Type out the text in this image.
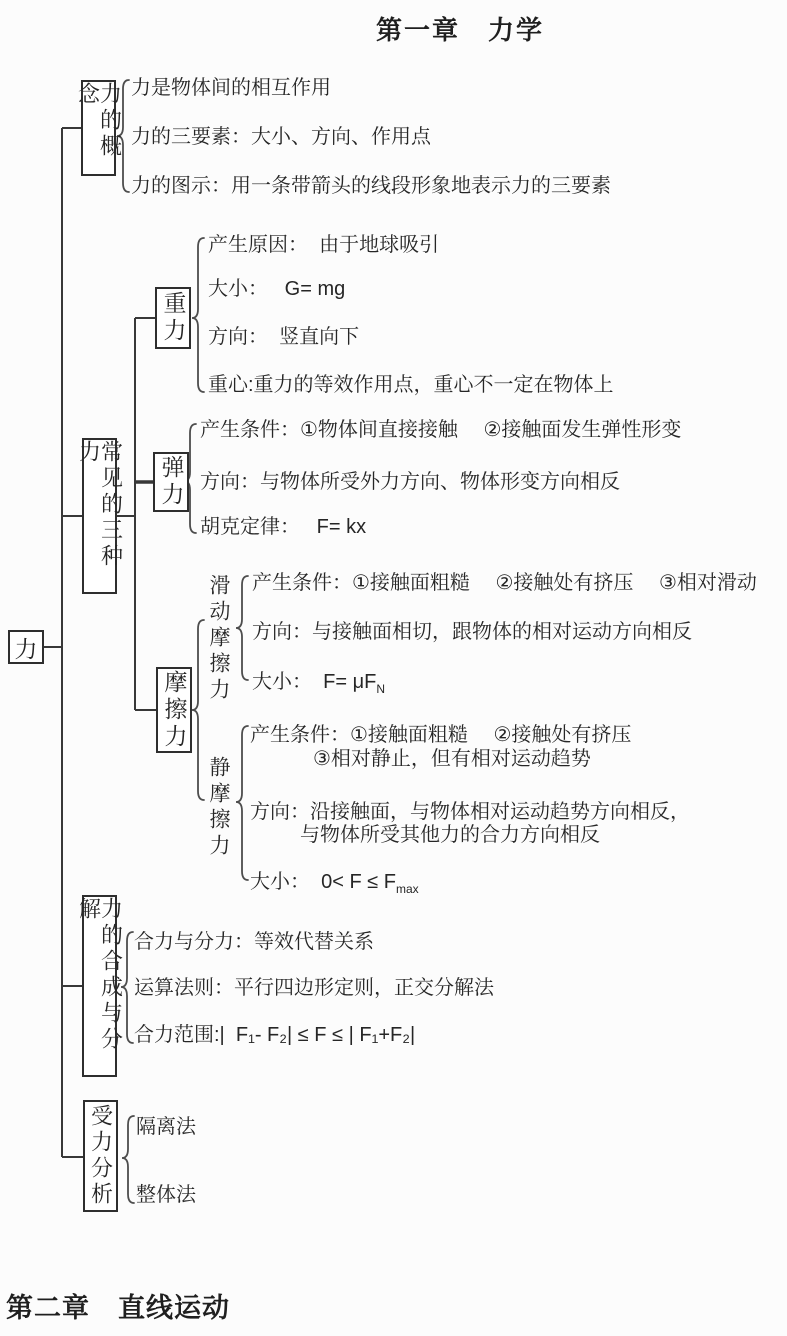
第一章　力学
第二章　直线运动
力
力的概念
常见的三种力
力的合成与分解
受力分析
重力
弹力
摩擦力
滑动摩擦力
静摩擦力
力是物体间的相互作用
力的三要素：大小、方向、作用点
力的图示：用一条带箭头的线段形象地表示力的三要素
产生原因：  由于地球吸引
大小：   G= mg
方向：  竖直向下
重心:重力的等效作用点，重心不一定在物体上
产生条件：①物体间直接接触　 ②接触面发生弹性形变
方向：与物体所受外力方向、物体形变方向相反
胡克定律：   F= kx
产生条件：①接触面粗糙　 ②接触处有挤压　 ③相对滑动
方向：与接触面相切，跟物体的相对运动方向相反
大小：  $F= \mu F_N$
产生条件：①接触面粗糙　 ②接触处有挤压
③相对静止，但有相对运动趋势
方向：沿接触面，与物体相对运动趋势方向相反，
与物体所受其他力的合力方向相反
大小：  $0< F \le F_{max}$
合力与分力：等效代替关系
运算法则：平行四边形定则，正交分解法
合力范围:|  F₁- F₂| ≤ F ≤ | F₁+F₂|
隔离法
整体法
